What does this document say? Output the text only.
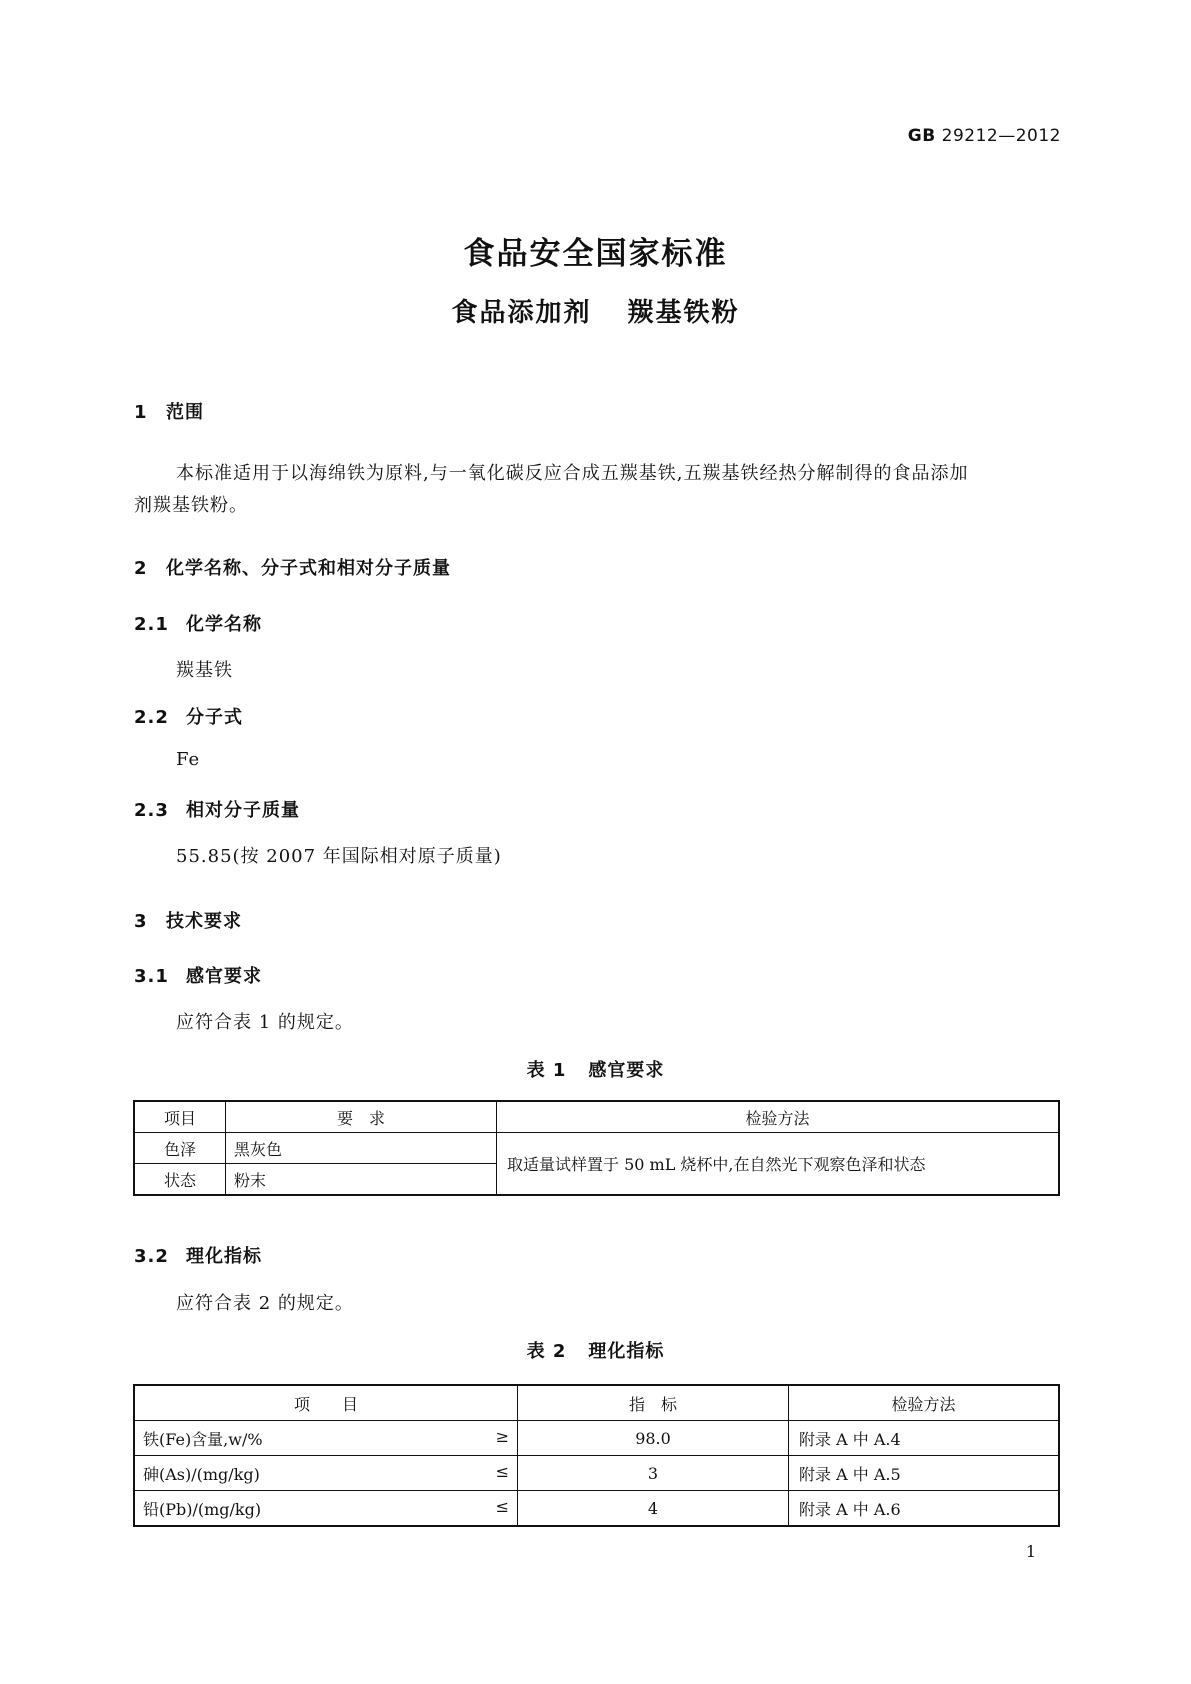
GB 29212—2012
食品安全国家标准
食品添加剂 羰基铁粉
1 范围
本标准适用于以海绵铁为原料,与一氧化碳反应合成五羰基铁,五羰基铁经热分解制得的食品添加
剂羰基铁粉。
2 化学名称、分子式和相对分子质量
2.1 化学名称
羰基铁
2.2 分子式
Fe
2.3 相对分子质量
55.85(按 2007 年国际相对原子质量)
3 技术要求
3.1 感官要求
应符合表 1 的规定。
表 1 感官要求
项目	要　求	检验方法
色泽	黑灰色	取适量试样置于 50 mL 烧杯中,在自然光下观察色泽和状态
状态	粉末	
3.2 理化指标
应符合表 2 的规定。
表 2 理化指标
项　　目	指　标	检验方法
铁(Fe)含量,w/% ≥	98.0	附录 A 中 A.4
砷(As)/(mg/kg) ≤	3	附录 A 中 A.5
铅(Pb)/(mg/kg) ≤	4	附录 A 中 A.6
1
